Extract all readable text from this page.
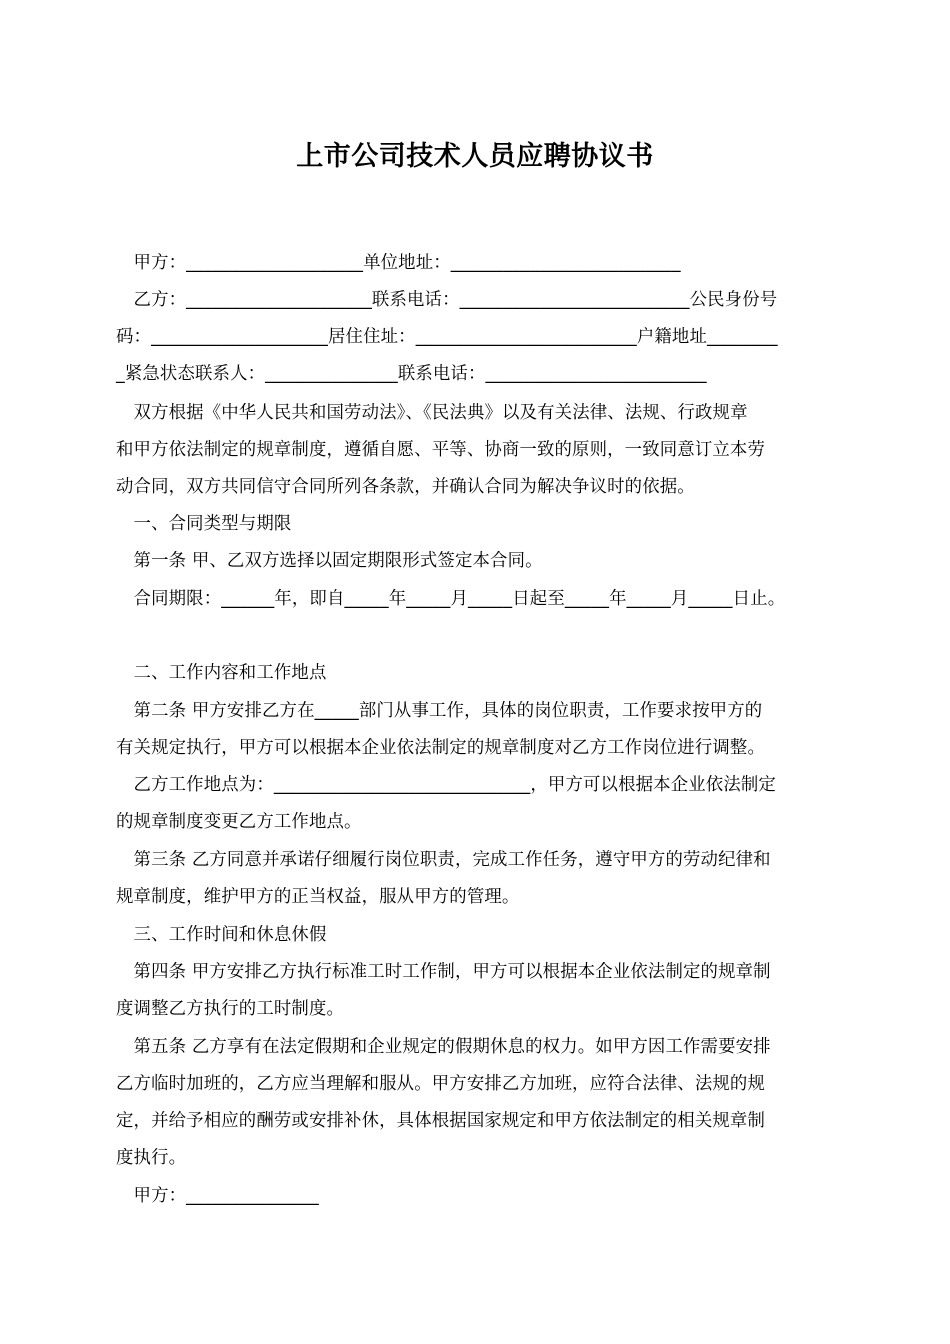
上市公司技术人员应聘协议书
　甲方：____________________单位地址：__________________________
　乙方：_____________________联系电话：__________________________公民身份号
码：____________________居住住址：_________________________户籍地址________
_紧急状态联系人：_______________联系电话：_________________________
　双方根据《中华人民共和国劳动法》、《民法典》以及有关法律、法规、行政规章
和甲方依法制定的规章制度，遵循自愿、平等、协商一致的原则，一致同意订立本劳
动合同，双方共同信守合同所列各条款，并确认合同为解决争议时的依据。
　一、合同类型与期限
　第一条 甲、乙双方选择以固定期限形式签定本合同。
　合同期限：______年，即自_____年_____月_____日起至_____年_____月_____日止。
　二、工作内容和工作地点
　第二条 甲方安排乙方在_____部门从事工作，具体的岗位职责，工作要求按甲方的
有关规定执行，甲方可以根据本企业依法制定的规章制度对乙方工作岗位进行调整。
　乙方工作地点为：_____________________________，甲方可以根据本企业依法制定
的规章制度变更乙方工作地点。
　第三条 乙方同意并承诺仔细履行岗位职责，完成工作任务，遵守甲方的劳动纪律和
规章制度，维护甲方的正当权益，服从甲方的管理。
　三、工作时间和休息休假
　第四条 甲方安排乙方执行标准工时工作制，甲方可以根据本企业依法制定的规章制
度调整乙方执行的工时制度。
　第五条 乙方享有在法定假期和企业规定的假期休息的权力。如甲方因工作需要安排
乙方临时加班的，乙方应当理解和服从。甲方安排乙方加班，应符合法律、法规的规
定，并给予相应的酬劳或安排补休，具体根据国家规定和甲方依法制定的相关规章制
度执行。
　甲方：_______________
